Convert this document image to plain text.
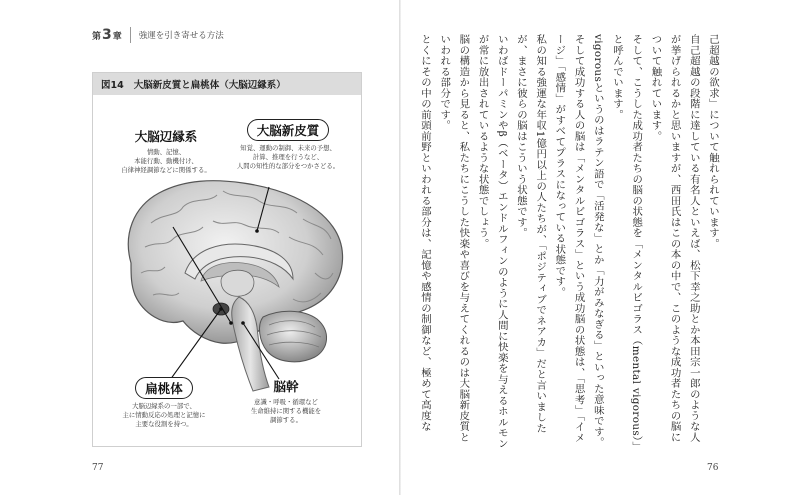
第 3 章 強運を引き寄せる方法
図14 大脳新皮質と扁桃体（大脳辺縁系）
大脳辺縁系
情動、記憶、
本能行動、動機付け、
自律神経調節などに関係する。
大脳新皮質
知覚、運動の制御、未来の予想、
計算、推理を行うなど、
人間の知性的な部分をつかさどる。
扁桃体
大脳辺縁系の一部で、
主に情動反応の処理と記憶に
主要な役割を持つ。
脳幹
意識・呼吸・循環など
生命維持に関する機能を
調節する。
77	76

己超越の欲求」について触れられています。

自己超越の段階に達している有名人といえば、松下幸之助とか本田宗一郎のような人が挙げられるかと思いますが、西田氏はこの本の中で、このような成功者たちの脳について触れています。

そして、こうした成功者たちの脳の状態を「メンタルビゴラス（mental vigorous）」と呼んでいます。

vigorousというのはラテン語で「活発な」とか「力がみなぎる」といった意味です。そして成功する人の脳は「メンタルビゴラス」という成功脳の状態は、「思考」「イメージ」「感情」がすべてプラスになっている状態です。

私の知る強運な年収1億円以上の人たちが、「ポジティブでネアカ」だと言いましたが、まさに彼らの脳はこういう状態です。

いわばドーパミンやβ（ベータ）エンドルフィンのように人間に快楽を与えるホルモンが常に放出されているような状態でしょう。

脳の構造から見ると、私たちにこうした快楽や喜びを与えてくれるのは大脳新皮質といわれる部分です。

とくにその中の前頭前野といわれる部分は、記憶や感情の制御など、極めて高度な
